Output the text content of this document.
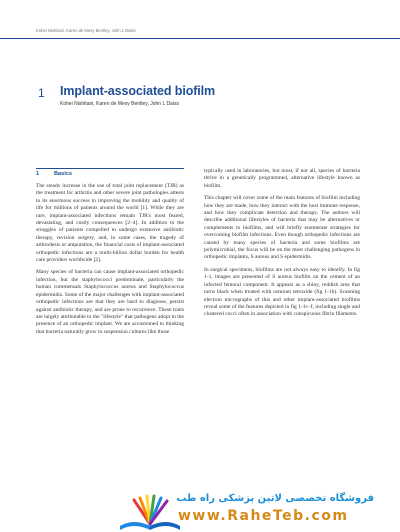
Kohei Nishitani, Karen de Mesy Bentley, John L Daiss
1 Implant-associated biofilm
Kohei Nishitani, Karen de Mesy Bentley, John L Daiss
1	Basics

The steady increase in the use of total joint replacement (TJR) as the treatment for arthritis and other severe joint pathologies attests to its enormous success in improving the mobility and quality of life for millions of patients around the world [1]. While they are rare, implant-associated infections remain TJR's most feared, devastating, and costly consequences [2–4]. In addition to the struggles of patients compelled to undergo extensive antibiotic therapy, revision surgery, and, in some cases, the tragedy of arthrodesis or amputation, the financial costs of implant-associated orthopedic infections are a multi-billion dollar burden for health care providers worldwide [2].

Many species of bacteria can cause implant-associated orthopedic infection, but the staphylococci predominate, particularly the human commensals Staphylococcus aureus and Staphylococcus epidermidis. Some of the major challenges with implant-associated orthopedic infections are that they are hard to diagnose, persist against antibiotic therapy, and are prone to recurrence. These traits are largely attributable to the "lifestyle" that pathogens adopt in the presence of an orthopedic implant. We are accustomed to thinking that bacteria naturally grow in suspension cultures like those

typically used in laboratories, but most, if not all, species of bacteria thrive in a genetically programmed, alternative lifestyle known as biofilm.

This chapter will cover some of the main features of biofilm including how they are made, how they interact with the host immune response, and how they complicate detection and therapy. The authors will describe additional lifestyles of bacteria that may be alternatives or complements to biofilms, and will briefly enumerate strategies for overcoming biofilm infections. Even though orthopedic infections are caused by many species of bacteria and some biofilms are polymicrobial, the focus will be on the most challenging pathogens in orthopedic implants, S aureus and S epidermidis.

In surgical specimens, biofilms are not always easy to identify. In fig 1-1, images are presented of S aureus biofilm on the cement of an infected femoral component. It appears as a shiny, reddish area that turns black when treated with osmium tetroxide (fig 1-1b). Scanning electron micrographs of this and other implant-associated biofilms reveal some of the features depicted in fig 1-1c–f, including single and clustered cocci often in association with conspicuous fibrin filaments.

فروشگاه تخصصی لاتین پزشکی راه طب
www.RaheTeb.com
